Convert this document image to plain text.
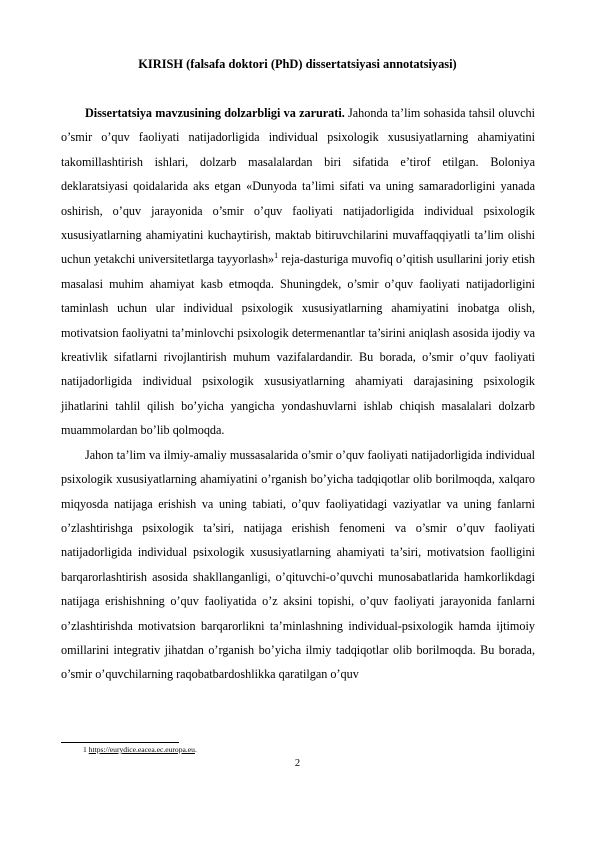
KIRISH (falsafa doktori (PhD) dissertatsiyasi annotatsiyasi)

Dissertatsiya mavzusining dolzarbligi va zarurati. Jahonda ta’lim sohasida tahsil oluvchi o’smir o’quv faoliyati natijadorligida individual psixologik xususiyatlarning ahamiyatini takomillashtirish ishlari, dolzarb masalalardan biri sifatida e’tirof etilgan. Boloniya deklaratsiyasi qoidalarida aks etgan «Dunyoda ta’limi sifati va uning samaradorligini yanada oshirish, o’quv jarayonida o’smir o’quv faoliyati natijadorligida individual psixologik xususiyatlarning ahamiyatini kuchaytirish, maktab bitiruvchilarini muvaffaqqiyatli ta’lim olishi uchun yetakchi universitetlarga tayyorlash»$^1$ reja-dasturiga muvofiq o’qitish usullarini joriy etish masalasi muhim ahamiyat kasb etmoqda. Shuningdek, o’smir o’quv faoliyati natijadorligini taminlash uchun ular individual psixologik xususiyatlarning ahamiyatini inobatga olish, motivatsion faoliyatni ta’minlovchi psixologik determenantlar ta’sirini aniqlash asosida ijodiy va kreativlik sifatlarni rivojlantirish muhum vazifalardandir. Bu borada, o’smir o’quv faoliyati natijadorligida individual psixologik xususiyatlarning ahamiyati darajasining psixologik jihatlarini tahlil qilish bo’yicha yangicha yondashuvlarni ishlab chiqish masalalari dolzarb muammolardan bo’lib qolmoqda.

Jahon ta’lim va ilmiy-amaliy mussasalarida o’smir o’quv faoliyati natijadorligida individual psixologik xususiyatlarning ahamiyatini o’rganish bo’yicha tadqiqotlar olib borilmoqda, xalqaro miqyosda natijaga erishish va uning tabiati, o’quv faoliyatidagi vaziyatlar va uning fanlarni o’zlashtirishga psixologik ta’siri, natijaga erishish fenomeni va o’smir o’quv faoliyati natijadorligida individual psixologik xususiyatlarning ahamiyati ta’siri, motivatsion faolligini barqarorlashtirish asosida shakllanganligi, o’qituvchi-o’quvchi munosabatlarida hamkorlikdagi natijaga erishishning o’quv faoliyatida o’z aksini topishi, o’quv faoliyati jarayonida fanlarni o’zlashtirishda motivatsion barqarorlikni ta’minlashning individual-psixologik hamda ijtimoiy omillarini integrativ jihatdan o’rganish bo’yicha ilmiy tadqiqotlar olib borilmoqda. Bu borada, o’smir o’quvchilarning raqobatbardoshlikka qaratilgan o’quv

1 https://eurydice.eacea.ec.europa.eu.
2
